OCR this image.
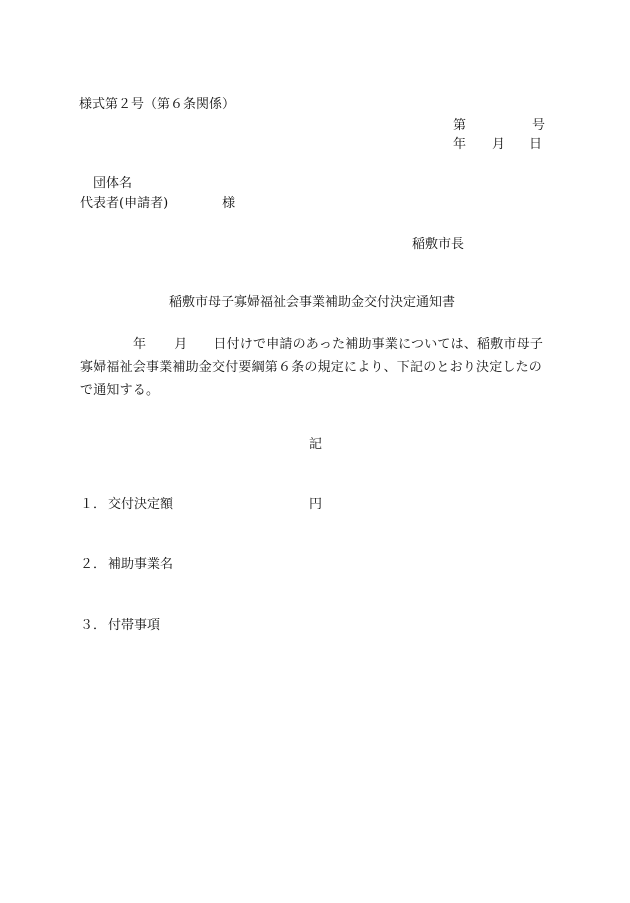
様式第２号（第６条関係）
第	号
年 月 日
団体名
代表者(申請者)	様
稲敷市長
稲敷市母子寡婦福祉会事業補助金交付決定通知書
年 月 日付けで申請のあった補助事業については、稲敷市母子
寡婦福祉会事業補助金交付要綱第６条の規定により、下記のとおり決定したの
で通知する。
記
１． 交付決定額	円
２． 補助事業名
３． 付帯事項
